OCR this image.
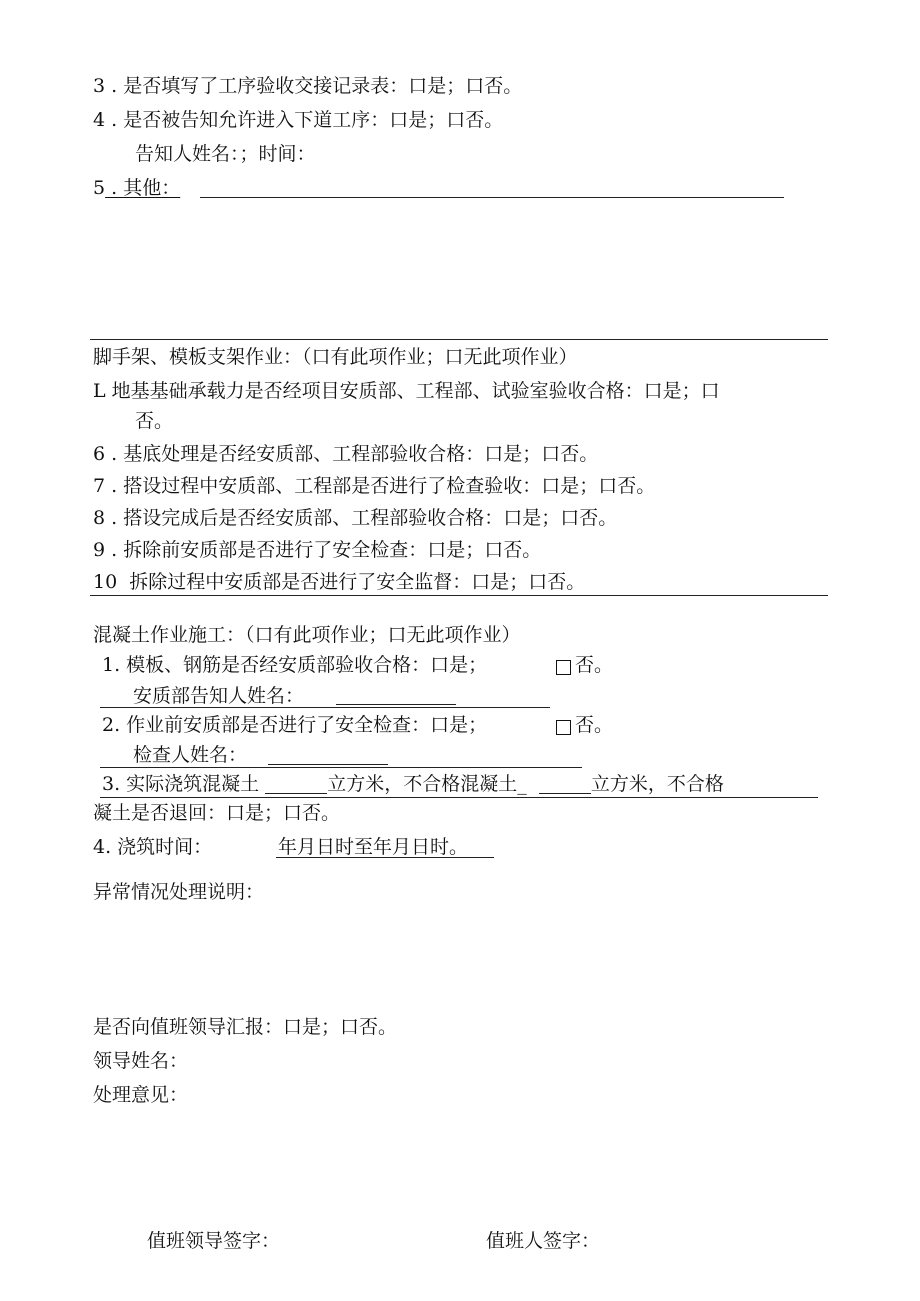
3 . 是否填写了工序验收交接记录表：口是；口否。
4 . 是否被告知允许进入下道工序：口是；口否。
告知人姓名：；时间：
5 . 其他：
脚手架、模板支架作业：（口有此项作业；口无此项作业）
L 地基基础承载力是否经项目安质部、工程部、试验室验收合格：口是；口
否。
6 . 基底处理是否经安质部、工程部验收合格：口是；口否。
7 . 搭设过程中安质部、工程部是否进行了检查验收：口是；口否。
8 . 搭设完成后是否经安质部、工程部验收合格：口是；口否。
9 . 拆除前安质部是否进行了安全检查：口是；口否。
10  拆除过程中安质部是否进行了安全监督：口是；口否。
混凝土作业施工：（口有此项作业；口无此项作业）
1. 模板、钢筋是否经安质部验收合格：口是；	否。
安质部告知人姓名：
2. 作业前安质部是否进行了安全检查：口是；	否。
检查人姓名：
3. 实际浇筑混凝土	立方米，不合格混凝土_	立方米，不合格
凝土是否退回：口是；口否。
4. 浇筑时间：	年月日时至年月日时。
异常情况处理说明：
是否向值班领导汇报：口是；口否。
领导姓名：
处理意见：
值班领导签字：	值班人签字：
